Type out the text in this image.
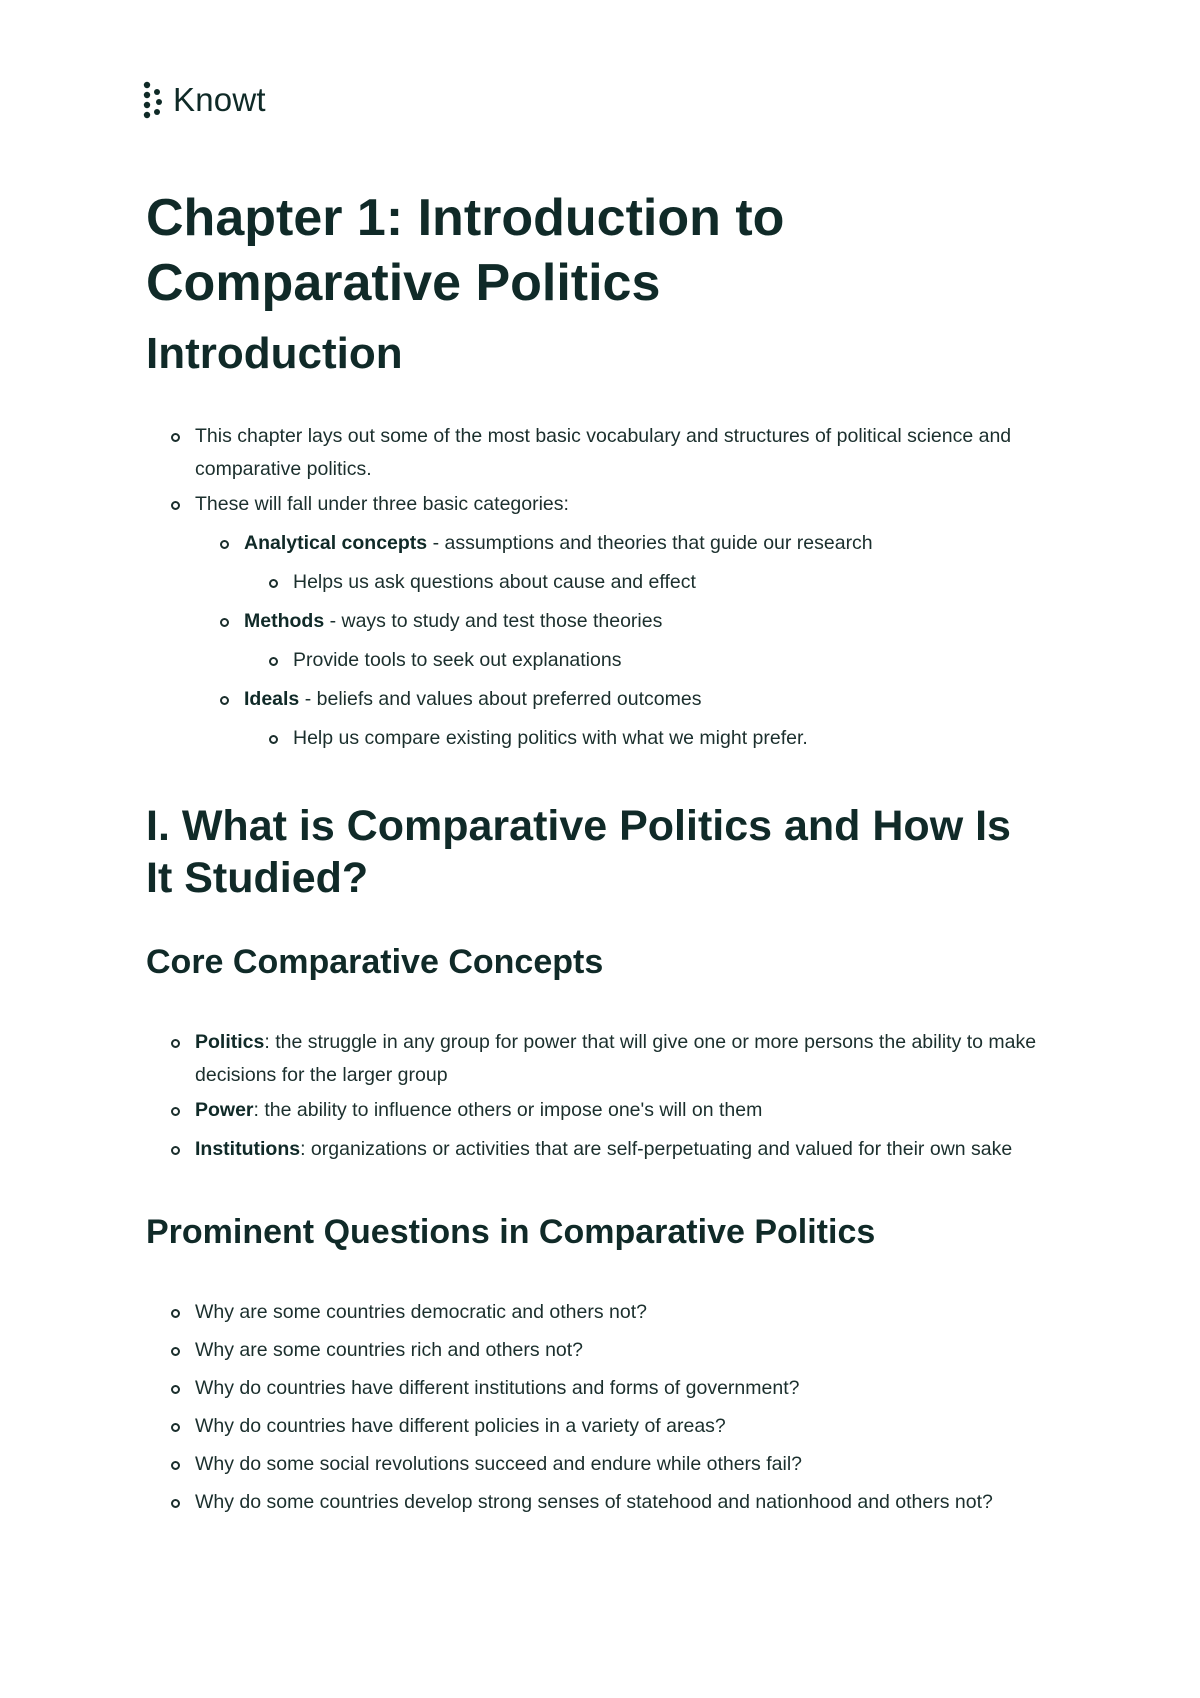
Knowt
Chapter 1: Introduction to Comparative Politics
Introduction
This chapter lays out some of the most basic vocabulary and structures of political science and comparative politics.
These will fall under three basic categories:
Analytical concepts - assumptions and theories that guide our research
Helps us ask questions about cause and effect
Methods - ways to study and test those theories
Provide tools to seek out explanations
Ideals - beliefs and values about preferred outcomes
Help us compare existing politics with what we might prefer.
I. What is Comparative Politics and How Is It Studied?
Core Comparative Concepts
Politics: the struggle in any group for power that will give one or more persons the ability to make decisions for the larger group
Power: the ability to influence others or impose one's will on them
Institutions: organizations or activities that are self-perpetuating and valued for their own sake
Prominent Questions in Comparative Politics
Why are some countries democratic and others not?
Why are some countries rich and others not?
Why do countries have different institutions and forms of government?
Why do countries have different policies in a variety of areas?
Why do some social revolutions succeed and endure while others fail?
Why do some countries develop strong senses of statehood and nationhood and others not?
